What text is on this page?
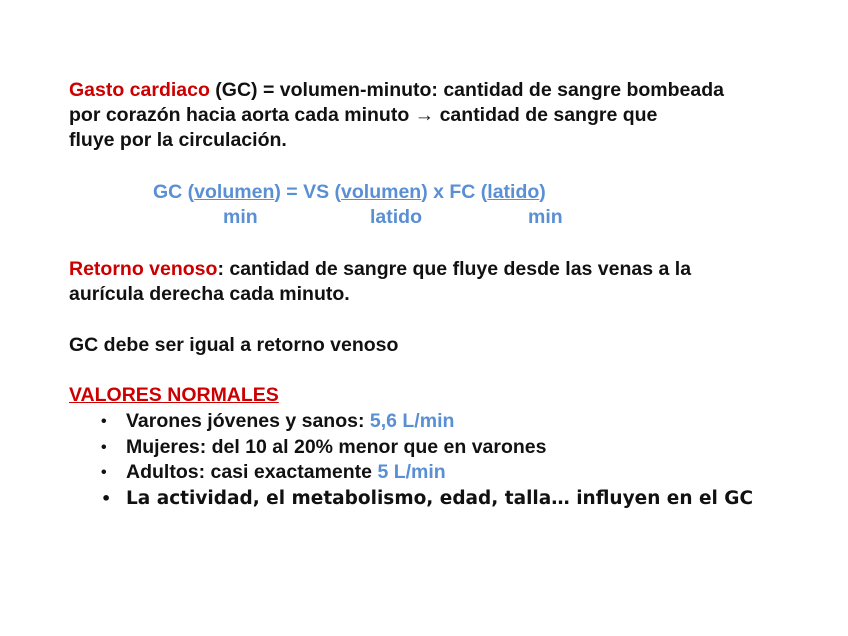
Gasto cardiaco (GC) = volumen-minuto: cantidad de sangre bombeada
por corazón hacia aorta cada minuto → cantidad de sangre que
fluye por la circulación.
GC (volumen) = VS (volumen) x FC (latido)
min	latido	min
Retorno venoso: cantidad de sangre que fluye desde las venas a la
aurícula derecha cada minuto.
GC debe ser igual a retorno venoso
VALORES NORMALES
• Varones jóvenes y sanos: 5,6 L/min
• Mujeres: del 10 al 20% menor que en varones
• Adultos: casi exactamente 5 L/min
• La actividad, el metabolismo, edad, talla… influyen en el GC
